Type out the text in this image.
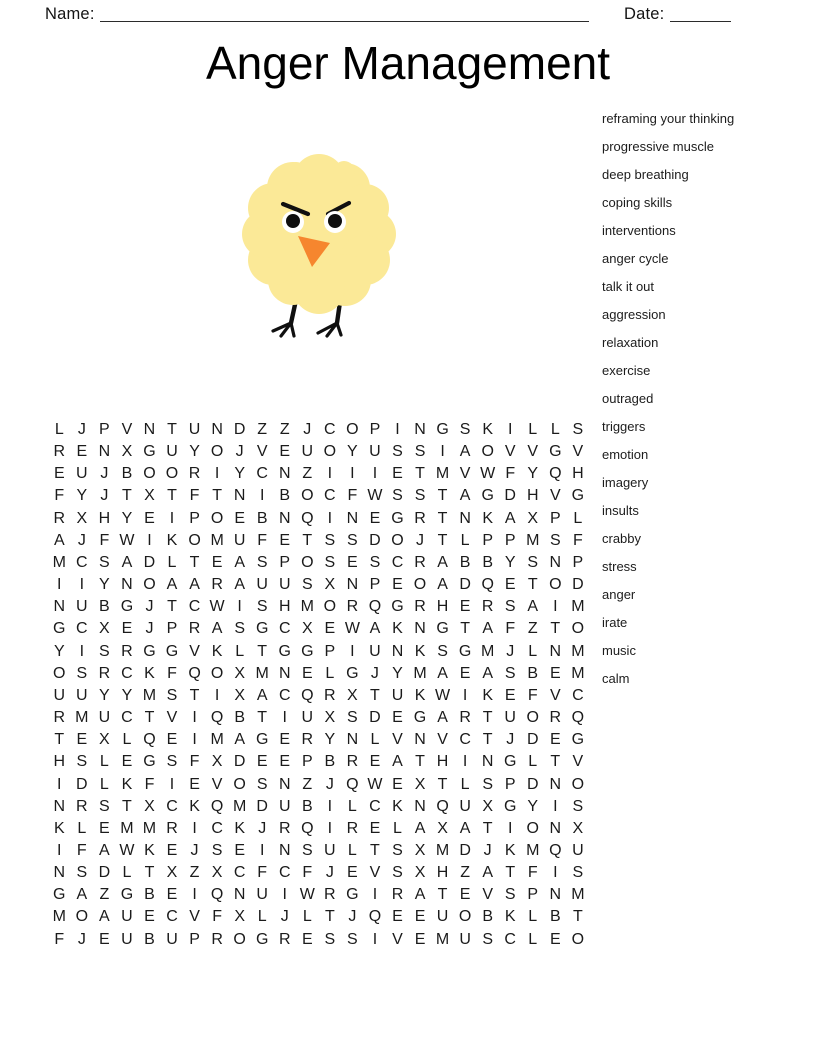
Name:	Date:
Anger Management
reframing your thinking
progressive muscle
deep breathing
coping skills
interventions
anger cycle
talk it out
aggression
relaxation
exercise
outraged
triggers
emotion
imagery
insults
crabby
stress
anger
irate
music
calm
L J P V N T U N D Z Z J C O P I N G S K I L L S
R E N X G U Y O J V E U O Y U S S I A O V V G V
E U J B O O R I Y C N Z I	I	I E T M V W F Y Q H
F Y J T X T F T N I B O C F W S S T A G D H V G
R X H Y E I P O E B N Q I N E G R T N K A X P L
A J F W I K O M U F E T S S D O J T L P P M S F
M C S A D L T E A S P O S E S C R A B B Y S N P
I	I Y N O A A R A U U S X N P E O A D Q E T O D
N U B G J T C W I S H M O R Q G R H E R S A I M
G C X E J P R A S G C X E W A K N G T A F Z T O
Y I S R G G V K L T G G P I U N K S G M J L N M
O S R C K F Q O X M N E L G J Y M A E A S B E M
U U Y Y M S T I X A C Q R X T U K W I K E F V C
R M U C T V I Q B T I U X S D E G A R T U O R Q
T E X L Q E I M A G E R Y N L V N V C T J D E G
H S L E G S F X D E E P B R E A T H I N G L T V
I D L K F I E V O S N Z J Q W E X T L S P D N O
N R S T X C K Q M D U B I L C K N Q U X G Y I S
K L E M M R I C K J R Q I R E L A X A T I O N X
I F A W K E J S E I N S U L T S X M D J K M Q U
N S D L T X Z X C F C F J E V S X H Z A T F I S
G A Z G B E I Q N U I W R G I R A T E V S P N M
M O A U E C V F X L J L T J Q E E U O B K L B T
F J E U B U P R O G R E S S I V E M U S C L E O
